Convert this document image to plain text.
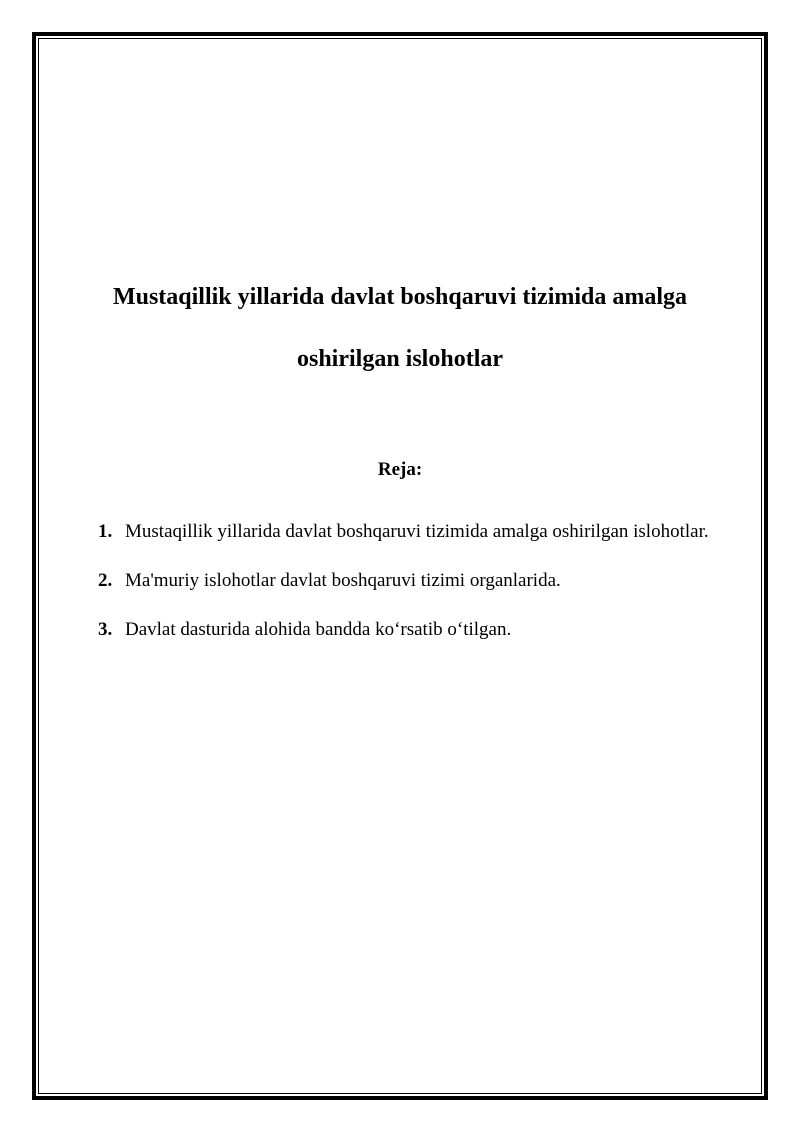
Mustaqillik yillarida davlat boshqaruvi tizimida amalga
oshirilgan islohotlar
Reja:
1. Mustaqillik yillarida davlat boshqaruvi tizimida amalga oshirilgan islohotlar.
2. Ma'muriy islohotlar davlat boshqaruvi tizimi organlarida.
3. Davlat dasturida alohida bandda ko‘rsatib o‘tilgan.
